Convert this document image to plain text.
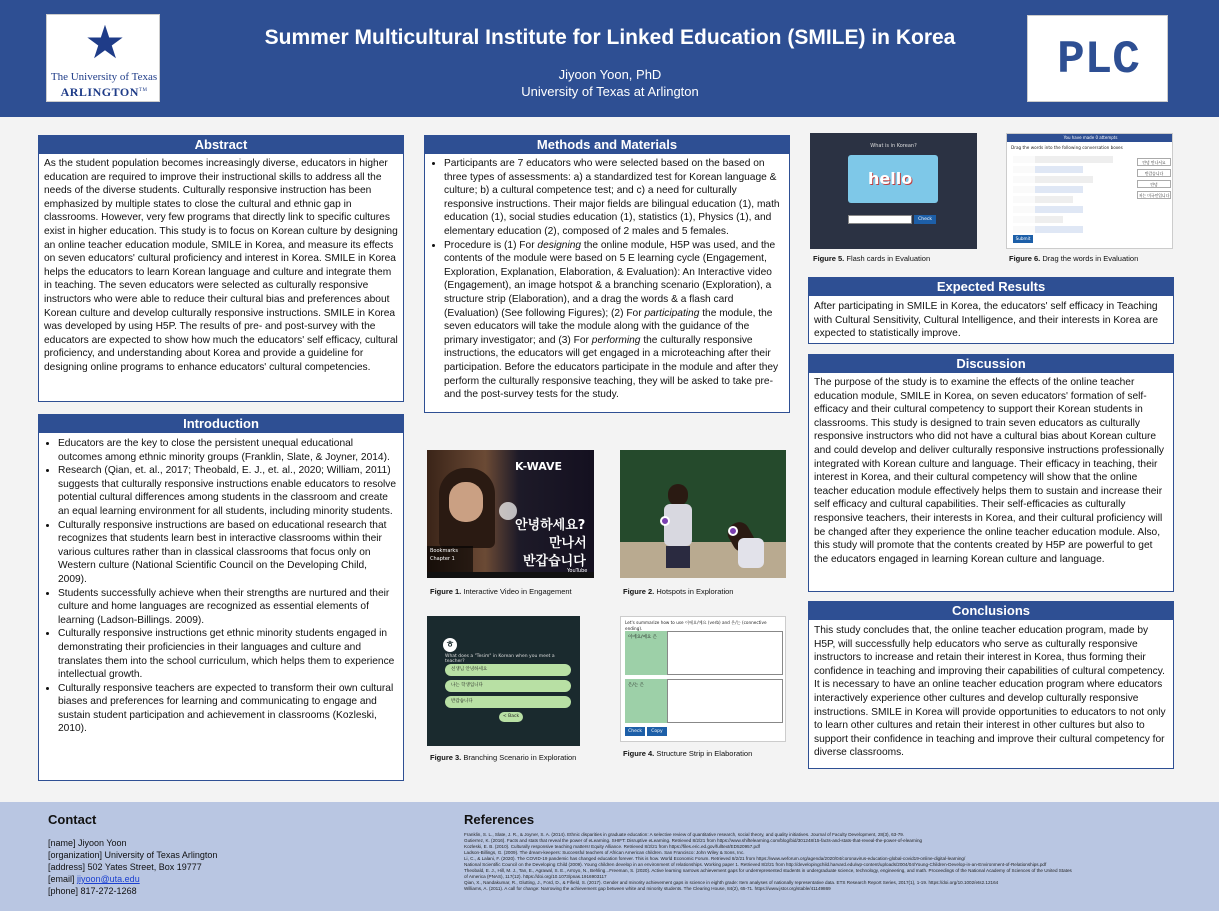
★
The University of Texas
ARLINGTON™
Summer Multicultural Institute for Linked Education (SMILE) in Korea
Jiyoon Yoon, PhD
University of Texas at Arlington
PLC
Abstract
As the student population becomes increasingly diverse, educators in higher education are required to improve their instructional skills to address all the needs of the diverse students. Culturally responsive instruction has been emphasized by multiple states to close the cultural and ethnic gap in classrooms. However, very few programs that directly link to specific cultures exist in higher education. This study is to focus on Korean culture by designing an online teacher education module, SMILE in Korea, and measure its effects on seven educators' cultural proficiency and interest in Korea. SMILE in Korea helps the educators to learn Korean language and culture and integrate them in teaching. The seven educators were selected as culturally responsive instructors who were able to reduce their cultural bias and preferences about Korean culture and develop culturally responsive instructions. SMILE in Korea was developed by using H5P. The results of pre- and post-survey with the educators are expected to show how much the educators' self efficacy, cultural proficiency, and understanding about Korea and provide a guideline for designing online programs to enhance educators' cultural competencies.
Introduction
• Educators are the key to close the persistent unequal educational outcomes among ethnic minority groups (Franklin, Slate, & Joyner, 2014).
• Research (Qian, et. al., 2017; Theobald, E. J., et. al., 2020; William, 2011) suggests that culturally responsive instructions enable educators to resolve potential cultural differences among students in the classroom and create an equal learning environment for all students, including minority students.
• Culturally responsive instructions are based on educational research that recognizes that students learn best in interactive classrooms within their various cultures rather than in classical classrooms that focus only on Western culture (National Scientific Council on the Developing Child, 2009).
• Students successfully achieve when their strengths are nurtured and their culture and home languages are recognized as essential elements of learning (Ladson-Billings. 2009).
• Culturally responsive instructions get ethnic minority students engaged in demonstrating their proficiencies in their languages and culture and translates them into the school curriculum, which helps them to experience intellectual growth.
• Culturally responsive teachers are expected to transform their own cultural biases and preferences for learning and communicating to engage and sustain student participation and achievement in classrooms (Kozleski, 2010).
Methods and Materials
• Participants are 7 educators who were selected based on the based on three types of assessments: a) a standardized test for Korean language & culture; b) a cultural competence test; and c) a need for culturally responsive instructions. Their major fields are bilingual education (1), math education (1), social studies education (1), statistics (1), Physics (1), and elementary education (2), composed of 2 males and 5 females.
• Procedure is (1) For designing the online module, H5P was used, and the contents of the module were based on 5 E learning cycle (Engagement, Exploration, Explanation, Elaboration, & Evaluation): An Interactive video (Engagement), an image hotspot & a branching scenario (Exploration), a structure strip (Elaboration), and a drag the words & a flash card (Evaluation) (See following Figures); (2) For participating the module, the seven educators will take the module along with the guidance of the primary investigator; and (3) For performing the culturally responsive instructions, the educators will get engaged in a microteaching after their participation. Before the educators participate in the module and after they perform the culturally responsive teaching, they will be asked to take pre-and the post-survey tests for the study.
K-WAVE
안녕하세요?
만나서
반갑습니다
Bookmarks
Chapter 1
YouTube
Figure 1. Interactive Video in Engagement	Figure 2. Hotspots in Exploration
ㅎ
What does a "Tesim" in Korean when you meet a teacher?
선생님 안녕하세요
나는 학생입니다
반갑습니다
< Back
Figure 3. Branching Scenario in Exploration
Let's summarize how to use 이에요/예요 (verb) and 은/는 (connective ending).
이에요/예요 은
은/는 은
Check	Copy
Figure 4. Structure Strip in Elaboration
What is in Korean?
hello
Check
Figure 5. Flash cards in Evaluation
You have made 0 attempts
Drag the words into the following conversation boxes
안녕 만나서요
반갑습니다
안녕
저는 미국인입니다
Submit
Figure 6. Drag the words in Evaluation
Expected Results
After participating in SMILE in Korea, the educators' self efficacy in Teaching with Cultural Sensitivity, Cultural Intelligence, and their interests in Korea are expected to statistically improve.
Discussion
The purpose of the study is to examine the effects of the online teacher education module, SMILE in Korea, on seven educators' formation of self-efficacy and their cultural competency to support their Korean students in classrooms. This study is designed to train seven educators as culturally responsive instructors who did not have a cultural bias about Korean culture and could develop and deliver culturally responsive instructions professionally integrated with Korean culture and language. Their efficacy in teaching, their interest in Korea, and their cultural competency will show that the online teacher education module effectively helps them to sustain and increase their self efficacy and cultural capabilities. Their self-efficacies as culturally responsive teachers, their interests in Korea, and their cultural proficiency will be changed after they experience the online teacher education module. Also, this study will promote that the contents created by H5P are powerful to get the educators engaged in learning Korean culture and language.
Conclusions
This study concludes that, the online teacher education program, made by H5P, will successfully help educators who serve as culturally responsive instructors to increase and retain their interest in Korea, thus forming their confidence in teaching and improving their capabilities of cultural competency. It is necessary to have an online teacher education program where educators interactively experience other cultures and develop culturally responsive instructions. SMILE in Korea will provide opportunities to educators to not only to learn other cultures and retain their interest in other cultures but also to support their confidence in teaching and improve their cultural competency for diverse classrooms.
Contact
[name] Jiyoon Yoon
[organization] University of Texas Arlington
[address] 502 Yates Street, Box 19777
[email] jiyoon@uta.edu
[phone] 817-272-1268
References
Franklin, S. L., Slate, J. R., & Joyner, S. A. (2014). Ethnic disparities in graduate education: A selective review of quantitative research, social theory, and quality initiatives. Journal of Faculty Development, 28(3), 63-79.
Gutierrez, K. (2016). Facts and stats that reveal the power of eLearning. SHIFT: Disruptive eLearning. Retrieved 8/2/21 from https://www.shiftelearning.com/blog/bid/301248/15-facts-and-stats-that-reveal-the-power-of-elearning
Kozleski, E. B. (2010). Culturally responsive teaching matters! Equity Alliance. Retrieved 8/2/21 from https://files.eric.ed.gov/fulltext/ED520957.pdf
Ladson-Billings, G. (2009). The dream-keepers: Successful teachers of African American children. San Francisco: John Wiley & Sons, Inc.
Li, C., & Lalani, F. (2020). The COVID-19 pandemic has changed education forever. This is how. World Economic Forum. Retrieved 8/2/21 from https://www.weforum.org/agenda/2020/04/coronavirus-education-global-covid19-online-digital-learning/
National Scientific Council on the Developing Child (2009). Young children develop in an environment of relationships. Working paper 1. Retrieved 8/2/21 from http://developingchild.harvard.edu/wp-content/uploads/2004/04/Young-Children-Develop-in-an-Environment-of-Relationships.pdf
Theobald, E. J., Hill, M. J., Tan, E., Agrawal, S. E., Arroyo, N., Behling...Freeman, S. (2020). Active learning narrows achievement gaps for underrepresented students in undergraduate science, technology, engineering, and math. Proceedings of the National Academy of Sciences of the United States
of America (PNAS), 117(12). https://doi.org/10.1073/pnas.1916903117
Qian, X., Nandakumar, R., Glutting, J., Ford, D., & Fifield, S. (2017). Gender and minority achievement gaps in science in eighth grade: Item analyses of nationally representative data. ETS Research Report Series, 2017(1), 1-19. https://doi.org/10.1002/ets2.12164
Williams, A. (2011). A call for change: Narrowing the achievement gap between white and minority students. The Clearing House, 84(2), 65-71. https://www.jstor.org/stable/41149869
